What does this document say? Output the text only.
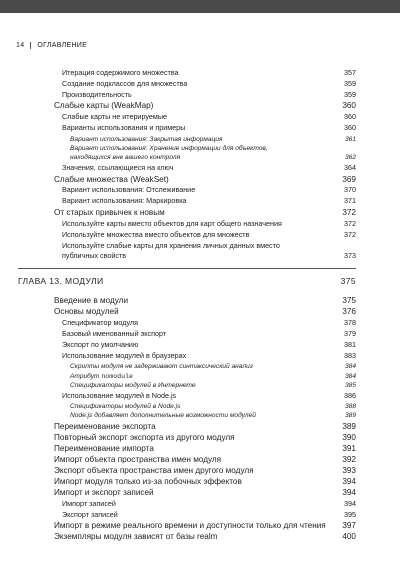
14 ОГЛАВЛЕНИЕ
Итерация содержимого множества	357
Создание подклассов для множества	359
Производительность	359
Слабые карты (WeakMap)	360
Слабые карты не итерируемые	360
Варианты использования и примеры	360
Вариант использования: Закрытая информация	361
Вариант использования: Хранение информации для объектов,
находящихся вне вашего контроля	362
Значения, ссылающиеся на ключ	364
Слабые множества (WeakSet)	369
Вариант использования: Отслеживание	370
Вариант использования: Маркировка	371
От старых привычек к новым	372
Используйте карты вместо объектов для карт общего назначения	372
Используйте множества вместо объектов для множеств	372
Используйте слабые карты для хранения личных данных вместо
публичных свойств	373
ГЛАВА 13. МОДУЛИ	375
Введение в модули	375
Основы модулей	376
Спецификатор модуля	378
Базовый именованный экспорт	379
Экспорт по умолчанию	381
Использование модулей в браузерах	383
Скрипты модуля не задерживают синтаксический анализ	384
Атрибут nomodule	384
Спецификаторы модулей в Интернете	385
Использование модулей в Node.js	386
Спецификаторы модулей в Node.js	388
Node.js добавляет дополнительные возможности модулей	389
Переименование экспорта	389
Повторный экспорт экспорта из другого модуля	390
Переименование импорта	391
Импорт объекта пространства имен модуля	392
Экспорт объекта пространства имен другого модуля	393
Импорт модуля только из-за побочных эффектов	394
Импорт и экспорт записей	394
Импорт записей	394
Экспорт записей	395
Импорт в режиме реального времени и доступности только для чтения	397
Экземпляры модуля зависят от базы realm	400
